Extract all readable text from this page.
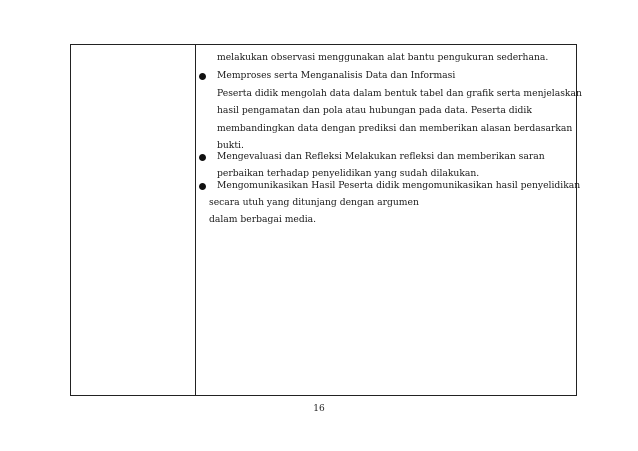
melakukan observasi menggunakan alat bantu pengukuran sederhana.
Memproses serta Menganalisis Data dan Informasi
Peserta didik mengolah data dalam bentuk tabel dan grafik serta menjelaskan
hasil pengamatan dan pola atau hubungan pada data. Peserta didik
membandingkan data dengan prediksi dan memberikan alasan berdasarkan
bukti.
Mengevaluasi dan Refleksi Melakukan refleksi dan memberikan saran
perbaikan terhadap penyelidikan yang sudah dilakukan.
Mengomunikasikan Hasil Peserta didik mengomunikasikan hasil penyelidikan
secara utuh yang ditunjang dengan argumen
dalam berbagai media.
16
